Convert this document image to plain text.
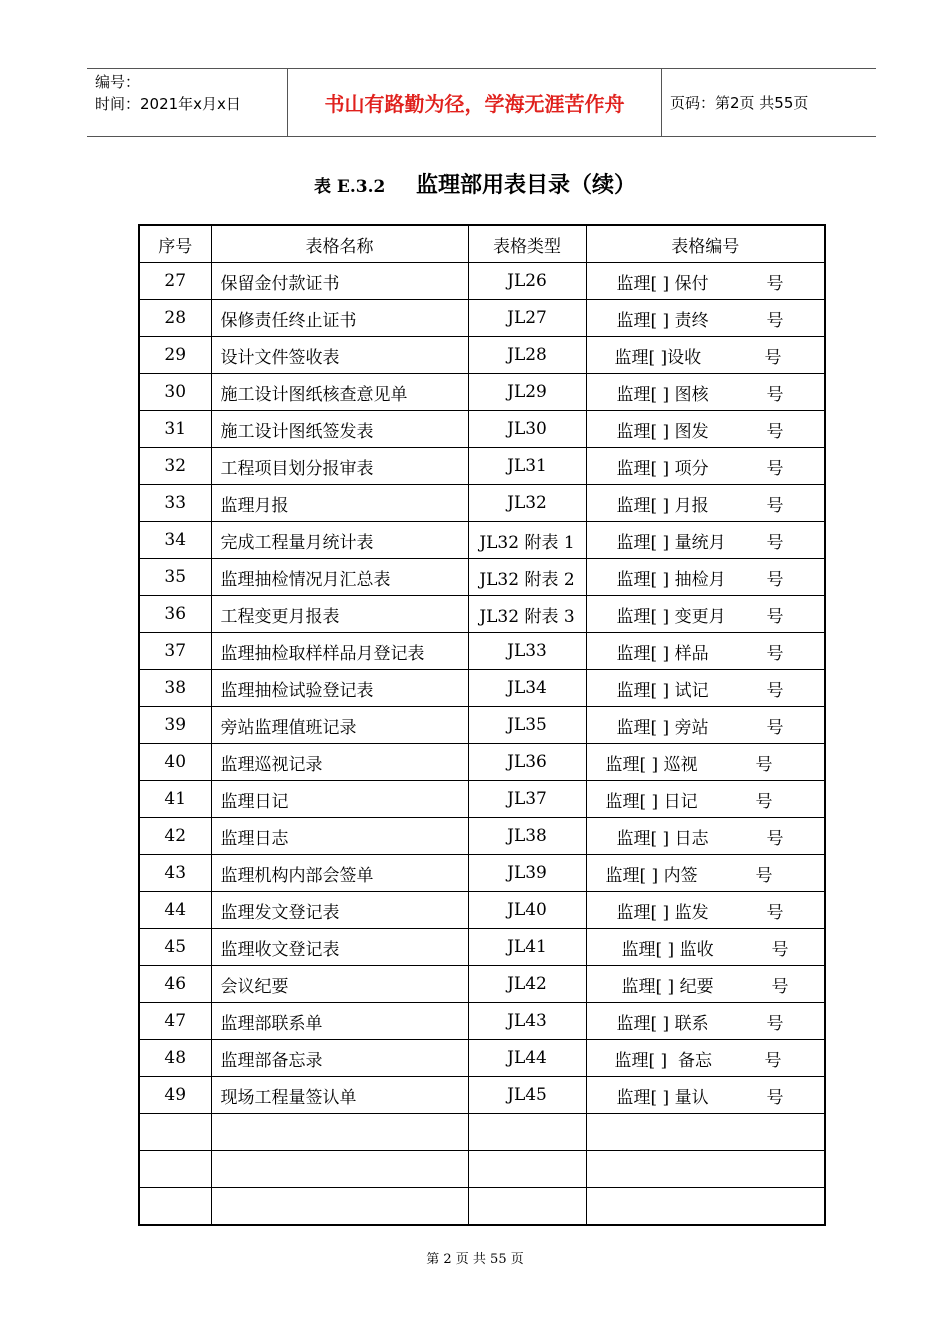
编号：
时间：2021年x月x日	书山有路勤为径，学海无涯苦作舟	页码：第2页 共55页
表 E.3.2 监理部用表目录（续）
序号	表格名称	表格类型	表格编号
27	保留金付款证书	JL26	监理[ ] 保付 号
28	保修责任终止证书	JL27	监理[ ] 责终 号
29	设计文件签收表	JL28	监理[ ]设收 号
30	施工设计图纸核查意见单	JL29	监理[ ] 图核 号
31	施工设计图纸签发表	JL30	监理[ ] 图发 号
32	工程项目划分报审表	JL31	监理[ ] 项分 号
33	监理月报	JL32	监理[ ] 月报 号
34	完成工程量月统计表	JL32 附表 1	监理[ ] 量统月 号
35	监理抽检情况月汇总表	JL32 附表 2	监理[ ] 抽检月 号
36	工程变更月报表	JL32 附表 3	监理[ ] 变更月 号
37	监理抽检取样样品月登记表	JL33	监理[ ] 样品 号
38	监理抽检试验登记表	JL34	监理[ ] 试记 号
39	旁站监理值班记录	JL35	监理[ ] 旁站 号
40	监理巡视记录	JL36	监理[ ] 巡视 号
41	监理日记	JL37	监理[ ] 日记 号
42	监理日志	JL38	监理[ ] 日志 号
43	监理机构内部会签单	JL39	监理[ ] 内签 号
44	监理发文登记表	JL40	监理[ ] 监发 号
45	监理收文登记表	JL41	监理[ ] 监收 号
46	会议纪要	JL42	监理[ ] 纪要 号
47	监理部联系单	JL43	监理[ ] 联系 号
48	监理部备忘录	JL44	监理[ ]  备忘 号
49	现场工程量签认单	JL45	监理[ ] 量认 号

第 2 页 共 55 页
